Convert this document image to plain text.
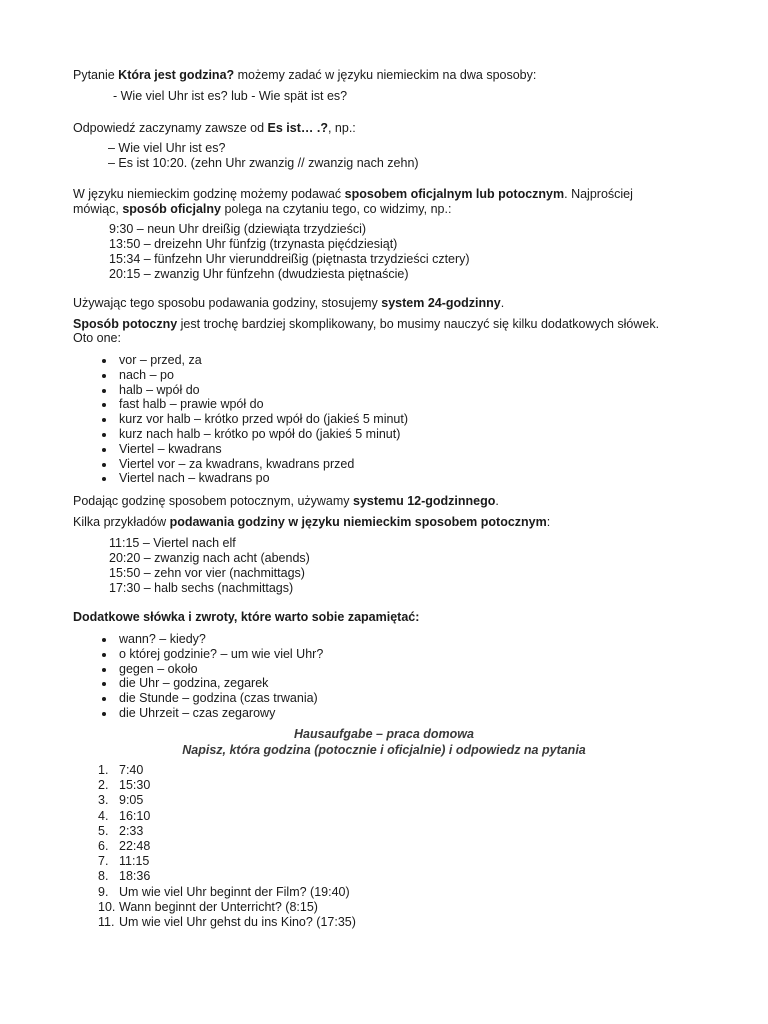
Pytanie Która jest godzina? możemy zadać w języku niemieckim na dwa sposoby:
- Wie viel Uhr ist es? lub - Wie spät ist es?
Odpowiedź zaczynamy zawsze od Es ist… .?, np.:
– Wie viel Uhr ist es?
– Es ist 10:20. (zehn Uhr zwanzig // zwanzig nach zehn)
W języku niemieckim godzinę możemy podawać sposobem oficjalnym lub potocznym. Najprościej
mówiąc, sposób oficjalny polega na czytaniu tego, co widzimy, np.:
9:30 – neun Uhr dreißig (dziewiąta trzydzieści)
13:50 – dreizehn Uhr fünfzig (trzynasta pięćdziesiąt)
15:34 – fünfzehn Uhr vierunddreißig (piętnasta trzydzieści cztery)
20:15 – zwanzig Uhr fünfzehn (dwudziesta piętnaście)
Używając tego sposobu podawania godziny, stosujemy system 24-godzinny.
Sposób potoczny jest trochę bardziej skomplikowany, bo musimy nauczyć się kilku dodatkowych słówek.
Oto one:
vor – przed, za
nach – po
halb – wpół do
fast halb – prawie wpół do
kurz vor halb – krótko przed wpół do (jakieś 5 minut)
kurz nach halb – krótko po wpół do (jakieś 5 minut)
Viertel – kwadrans
Viertel vor – za kwadrans, kwadrans przed
Viertel nach – kwadrans po
Podając godzinę sposobem potocznym, używamy systemu 12-godzinnego.
Kilka przykładów podawania godziny w języku niemieckim sposobem potocznym:
11:15 – Viertel nach elf
20:20 – zwanzig nach acht (abends)
15:50 – zehn vor vier (nachmittags)
17:30 – halb sechs (nachmittags)
Dodatkowe słówka i zwroty, które warto sobie zapamiętać:
wann? – kiedy?
o której godzinie? – um wie viel Uhr?
gegen – około
die Uhr – godzina, zegarek
die Stunde – godzina (czas trwania)
die Uhrzeit – czas zegarowy
Hausaufgabe – praca domowa
Napisz, która godzina (potocznie i oficjalnie) i odpowiedz na pytania
1. 7:40
2. 15:30
3. 9:05
4. 16:10
5. 2:33
6. 22:48
7. 11:15
8. 18:36
9. Um wie viel Uhr beginnt der Film? (19:40)
10. Wann beginnt der Unterricht? (8:15)
11. Um wie viel Uhr gehst du ins Kino? (17:35)
